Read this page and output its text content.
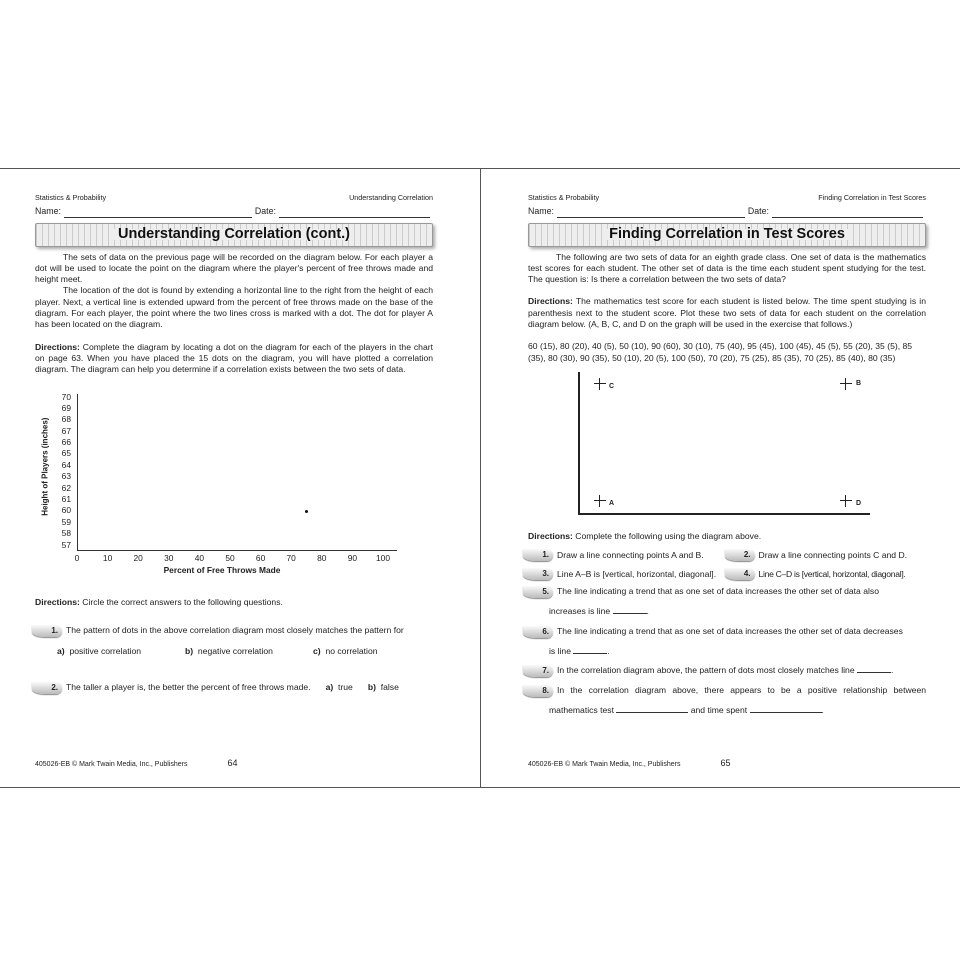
Statistics & Probability	Understanding Correlation
Name:	Date:
Understanding Correlation (cont.)

The sets of data on the previous page will be recorded on the diagram below. For each player a dot will be used to locate the point on the diagram where the player's percent of free throws made and height meet.

The location of the dot is found by extending a horizontal line to the right from the height of each player. Next, a vertical line is extended upward from the percent of free throws made on the base of the diagram. For each player, the point where the two lines cross is marked with a dot. The dot for player A has been located on the diagram.

Directions: Complete the diagram by locating a dot on the diagram for each of the players in the chart on page 63. When you have placed the 15 dots on the diagram, you will have plotted a correlation diagram. The diagram can help you determine if a correlation exists between the two sets of data.

Height of Players (inches)
Percent of Free Throws Made
0	10	20	30	40	50	60	70	80	90	100
70
69
68
67
66
65
64
63
62
61
60
59
58
57

Directions: Circle the correct answers to the following questions.

1. The pattern of dots in the above correlation diagram most closely matches the pattern for
a) positive correlation	b) negative correlation	c) no correlation
2. The taller a player is, the better the percent of free throws made. a) true b) false
405026-EB © Mark Twain Media, Inc., Publishers	64
Statistics & Probability	Finding Correlation in Test Scores
Name:	Date:
Finding Correlation in Test Scores

The following are two sets of data for an eighth grade class. One set of data is the mathematics test scores for each student. The other set of data is the time each student spent studying for the test. The question is: Is there a correlation between the two sets of data?

Directions: The mathematics test score for each student is listed below. The time spent studying is in parenthesis next to the student score. Plot these two sets of data for each student on the correlation diagram below. (A, B, C, and D on the graph will be used in the exercise that follows.)

60 (15), 80 (20), 40 (5), 50 (10), 90 (60), 30 (10), 75 (40), 95 (45), 100 (45), 45 (5), 55 (20), 35 (5), 85 (35), 80 (30), 90 (35), 50 (10), 20 (5), 100 (50), 70 (20), 75 (25), 85 (35), 70 (25), 85 (40), 80 (35)

C	B
A	D

Directions: Complete the following using the diagram above.

1. Draw a line connecting points A and B.	2. Draw a line connecting points C and D.
3. Line A–B is [vertical, horizontal, diagonal].	4. Line C–D is [vertical, horizontal, diagonal].
5. The line indicating a trend that as one set of data increases the other set of data also
increases is line	.
6. The line indicating a trend that as one set of data increases the other set of data decreases
is line	.
7. In the correlation diagram above, the pattern of dots most closely matches line
	.
8. In the correlation diagram above, there appears to be a positive relationship between
mathematics test	and time spent	.
405026-EB © Mark Twain Media, Inc., Publishers	65
